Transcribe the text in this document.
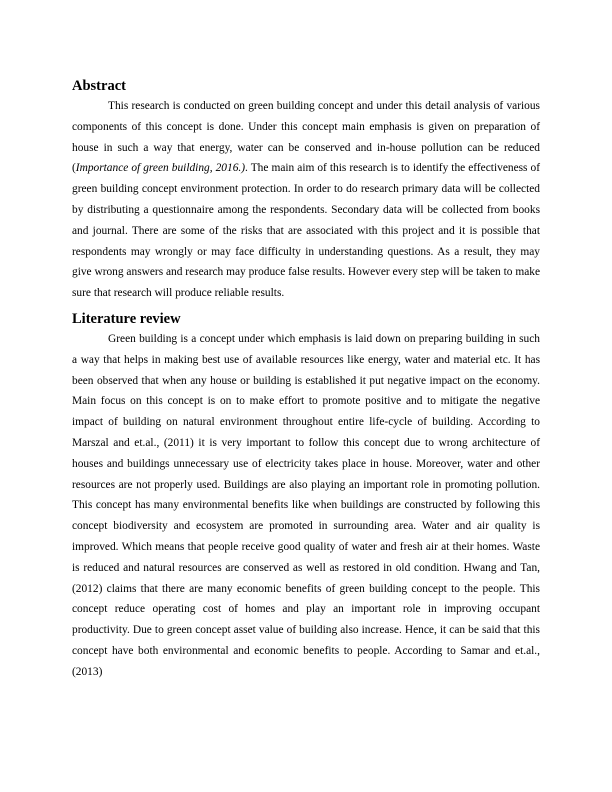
Abstract

This research is conducted on green building concept and under this detail analysis of various components of this concept is done. Under this concept main emphasis is given on preparation of house in such a way that energy, water can be conserved and in-house pollution can be reduced (Importance of green building, 2016.). The main aim of this research is to identify the effectiveness of green building concept environment protection. In order to do research primary data will be collected by distributing a questionnaire among the respondents. Secondary data will be collected from books and journal. There are some of the risks that are associated with this project and it is possible that respondents may wrongly or may face difficulty in understanding questions. As a result, they may give wrong answers and research may produce false results. However every step will be taken to make sure that research will produce reliable results.

Literature review

Green building is a concept under which emphasis is laid down on preparing building in such a way that helps in making best use of available resources like energy, water and material etc. It has been observed that when any house or building is established it put negative impact on the economy. Main focus on this concept is on to make effort to promote positive and to mitigate the negative impact of building on natural environment throughout entire life-cycle of building. According to Marszal and et.al., (2011) it is very important to follow this concept due to wrong architecture of houses and buildings unnecessary use of electricity takes place in house. Moreover, water and other resources are not properly used. Buildings are also playing an important role in promoting pollution. This concept has many environmental benefits like when buildings are constructed by following this concept biodiversity and ecosystem are promoted in surrounding area. Water and air quality is improved. Which means that people receive good quality of water and fresh air at their homes. Waste is reduced and natural resources are conserved as well as restored in old condition. Hwang and Tan, (2012) claims that there are many economic benefits of green building concept to the people. This concept reduce operating cost of homes and play an important role in improving occupant productivity. Due to green concept asset value of building also increase. Hence, it can be said that this concept have both environmental and economic benefits to people. According to Samar and et.al., (2013)
